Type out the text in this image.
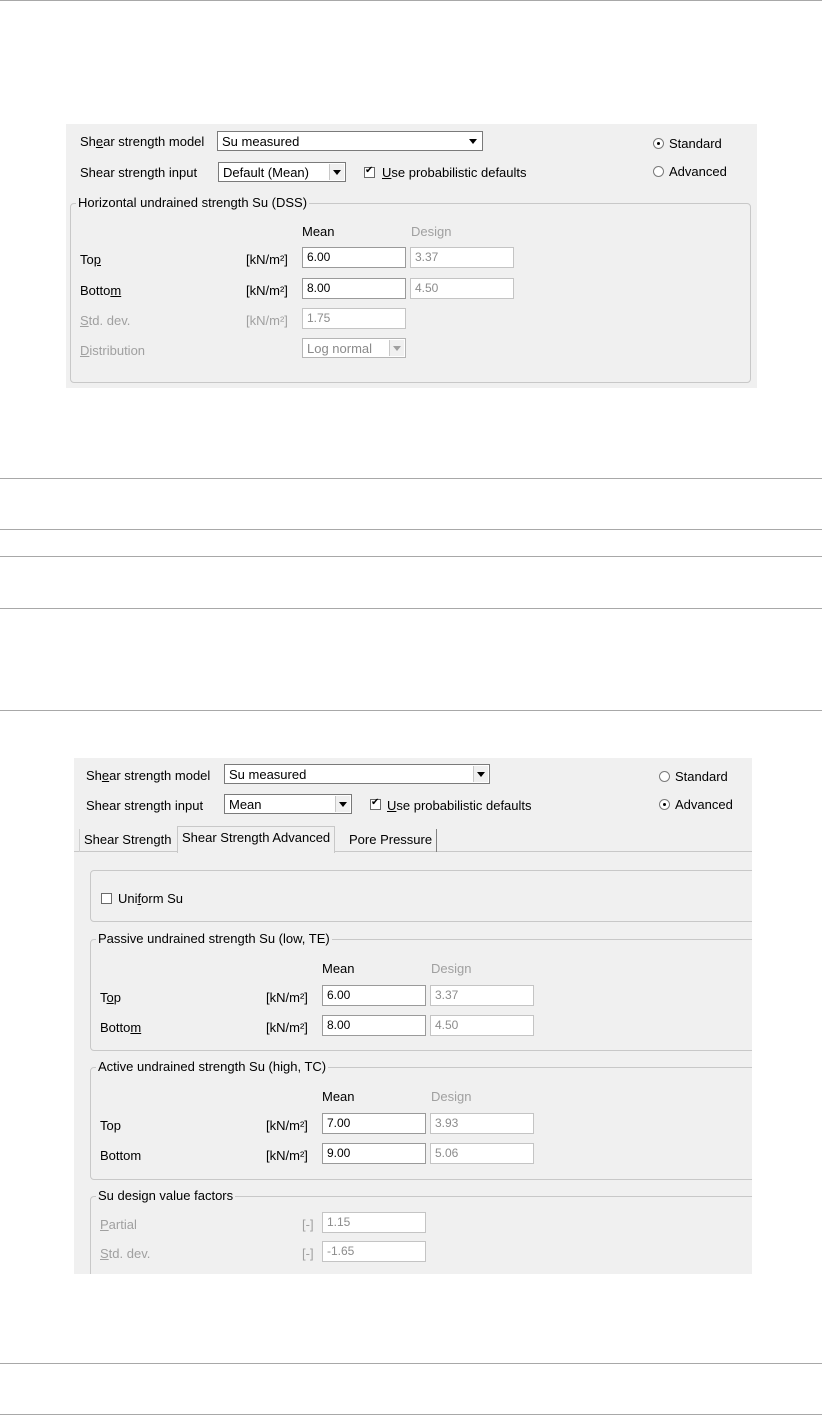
Shear strength model Su measured
Shear strength input Default (Mean) ✔	Use probabilistic defaults
Standard
Advanced
Horizontal undrained strength Su (DSS)
Mean	Design
Top	[kN/m²]	6.00	3.37
Bottom	[kN/m²]	8.00	4.50
Std. dev.	[kN/m²]	1.75
Distribution	Log normal
Shear strength model Su measured
Shear strength input Mean ✔	Use probabilistic defaults
Standard
Advanced
Shear Strength Shear Strength Advanced	Pore Pressure
Uniform Su
Passive undrained strength Su (low, TE)
Mean	Design
Top	[kN/m²]	6.00	3.37
Bottom	[kN/m²]	8.00	4.50
Active undrained strength Su (high, TC)
Mean	Design
Top	[kN/m²]	7.00	3.93
Bottom	[kN/m²]	9.00	5.06
Su design value factors
Partial	[-]	1.15
Std. dev.	[-]	-1.65
